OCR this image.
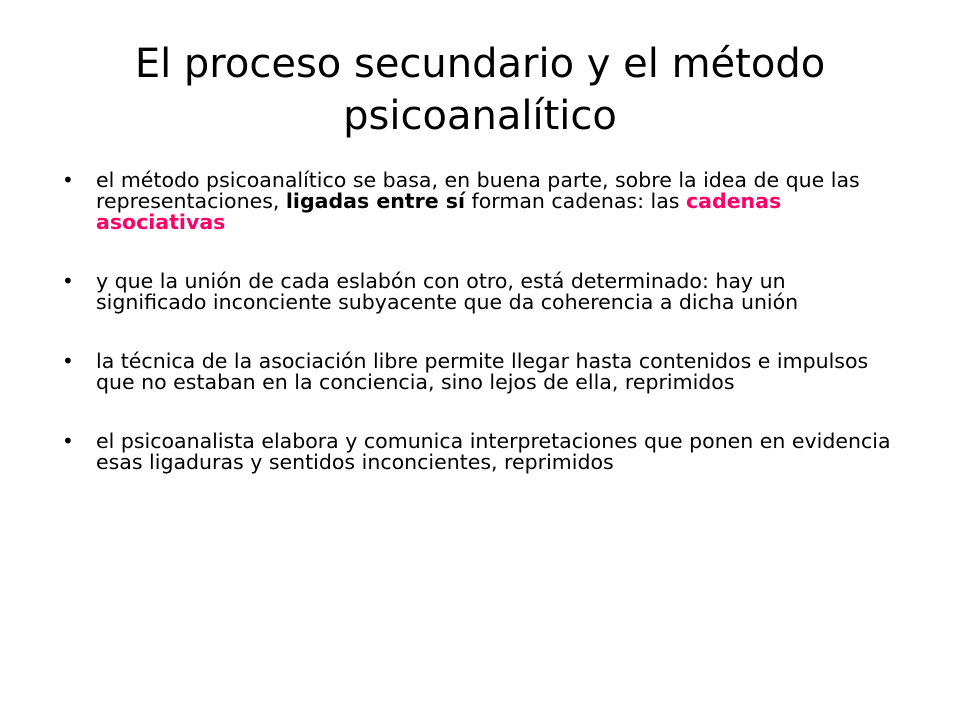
El proceso secundario y el método psicoanalítico
• el método psicoanalítico se basa, en buena parte, sobre la idea de que las representaciones, ligadas entre sí forman cadenas: las cadenas asociativas
• y que la unión de cada eslabón con otro, está determinado: hay un significado inconciente subyacente que da coherencia a dicha unión
• la técnica de la asociación libre permite llegar hasta contenidos e impulsos que no estaban en la conciencia, sino lejos de ella, reprimidos
• el psicoanalista elabora y comunica interpretaciones que ponen en evidencia esas ligaduras y sentidos inconcientes, reprimidos
